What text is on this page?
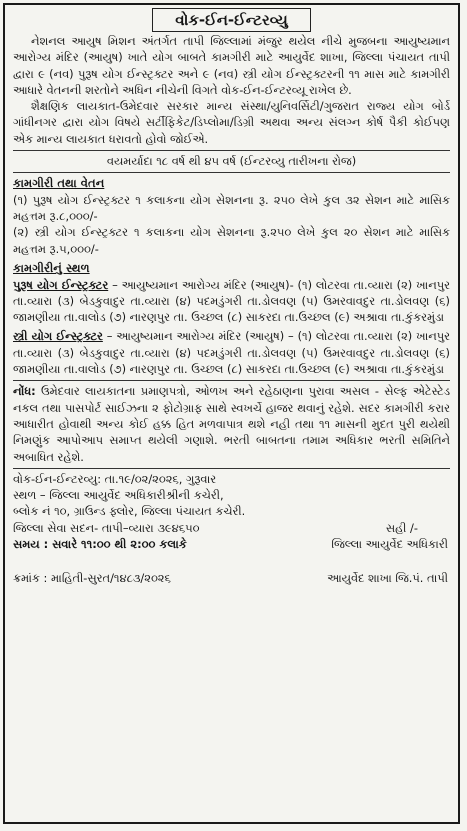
વોક-ઈન-ઈન્ટરવ્યુ

નેશનલ આયુષ મિશન અંતર્ગત તાપી જિલ્લામાં મંજુર થયેલ નીચે મુજબના આયુષ્યમાન આરોગ્ય મંદિર (આયુષ) ખાતે યોગ બાબતે કામગીરી માટે આયુર્વેદ શાખા, જિલ્લા પંચાયત તાપી દ્વારા ૯ (નવ) પુરૂષ યોગ ઈન્સ્ટ્રક્ટર અને ૯ (નવ) સ્ત્રી યોગ ઈન્સ્ટ્રક્ટરની ૧૧ માસ માટે કામગીરી આધારે વેતનની શરતોને અધિન નીચેની વિગતે વોક-ઈન-ઈન્ટરવ્યૂ રાખેલ છે.

શૈક્ષણિક લાયકાત-ઉમેદવાર સરકાર માન્ય સંસ્થા/યુનિવર્સિટી/ગુજરાત રાજ્ય યોગ બોર્ડ ગાંધીનગર દ્વારા યોગ વિષયે સર્ટીફિકેટ/ડિપ્લોમા/ડિગ્રી અથવા અન્ય સંલગ્ન કોર્ષ પૈકી કોઈપણ એક માન્ય લાયકાત ધરાવતો હોવો જોઈએ.

વયમર્યાદા ૧૮ વર્ષ થી ૪૫ વર્ષ (ઈન્ટરવ્યુ તારીખના રોજ)

કામગીરી તથા વેતન

(૧) પુરૂષ યોગ ઈન્સ્ટ્રક્ટર ૧ કલાકના યોગ સેશનના રૂ. ૨૫૦ લેખે કુલ ૩૨ સેશન માટે માસિક મહત્તમ રૂ.૮,૦૦૦/-

(૨) સ્ત્રી યોગ ઈન્સ્ટ્રક્ટર ૧ કલાકના યોગ સેશનના રૂ.૨૫૦ લેખે કુલ ૨૦ સેશન માટે માસિક મહત્તમ રૂ.૫,૦૦૦/-

કામગીરીનું સ્થળ

પુરૂષ યોગ ઈન્સ્ટ્રક્ટર – આયુષ્યમાન આરોગ્ય મંદિર (આયુષ)- (૧) લોટરવા તા.વ્યારા (૨) ખાનપુર તા.વ્યારા (૩) બેડકુવાદુર તા.વ્યારા (૪) પદમડુંગરી તા.ડોલવણ (૫) ઉમરવાવદુર તા.ડોલવણ (૬) જામણીયા તા.વાલોડ (૭) નારણપુર તા. ઉચ્છલ (૮) સાકરદા તા.ઉચ્છલ (૯) અશ્રાવા તા.કુંકરમુંડા

સ્ત્રી યોગ ઈન્સ્ટ્રક્ટર – આયુષ્યમાન આરોગ્ય મંદિર (આયુષ) – (૧) લોટરવા તા.વ્યારા (૨) ખાનપુર તા.વ્યારા (૩) બેડકુવાદુર તા.વ્યારા (૪) પદમડુંગરી તા.ડોલવણ (૫) ઉમરવાવદુર તા.ડોલવણ (૬) જામણીયા તા.વાલોડ (૭) નારણપુર તા. ઉચ્છલ (૮) સાકરદા તા.ઉચ્છલ (૯) અશ્રાવા તા.કુંકરમુંડા

નોંધ: ઉમેદવાર લાયકાતના પ્રમાણપત્રો, ઓળખ અને રહેઠાણના પુરાવા અસલ - સેલ્ફ એટેસ્ટેડ નકલ તથા પાસપોર્ટ સાઈઝના ૨ ફોટોગ્રાફ સાથે સ્વખર્ચે હાજર થવાનું રહેશે. સદર કામગીરી કરાર આધારીત હોવાથી અન્ય કોઈ હક્ક હિત મળવાપાત્ર થશે નહી તથા ૧૧ માસની મુદત પુરી થયેથી નિમણુંક આપોઆપ સમાપ્ત થયેલી ગણાશે. ભરતી બાબતના તમામ અધિકાર ભરતી સમિતિને અબાધિત રહેશે.

વોક-ઈન-ઈન્ટરવ્યુ: તા.૧૯/૦૨/૨૦૨૬, ગુરૂવાર

સ્થળ – જિલ્લા આયુર્વેદ અધિકારીશ્રીની કચેરી,

બ્લોક નં ૧૦, ગ્રાઉન્ડ ફ્લોર, જિલ્લા પંચાયત કચેરી.

જિલ્લા સેવા સદન- તાપી–વ્યારા ૩૯૪૬૫૦

સમય : સવારે ૧૧:૦૦ થી ૨:૦૦ કલાકે

સહી /-

જિલ્લા આયુર્વેદ અધિકારી

ક્રમાંક : માહિતી-સુરત/૧૪૮૩/૨૦૨૬	આયુર્વેદ શાખા જિ.પં. તાપી
